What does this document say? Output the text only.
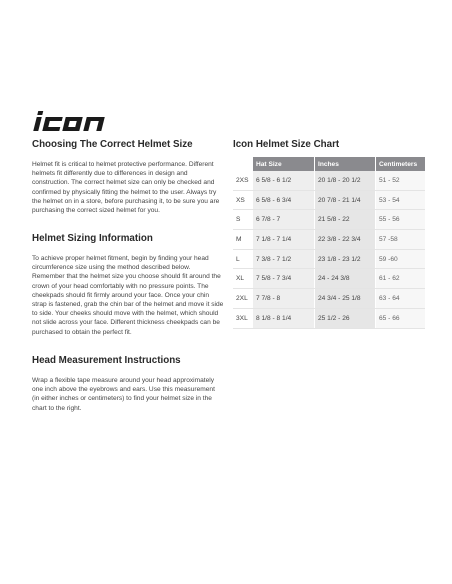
Choosing The Correct Helmet Size

Helmet fit is critical to helmet protective performance. Different helmets fit differently due to differences in design and construction. The correct helmet size can only be checked and confirmed by physically fitting the helmet to the user. Always try the helmet on in a store, before purchasing it, to be sure you are purchasing the correct sized helmet for you.

Helmet Sizing Information

To achieve proper helmet fitment, begin by finding your head circumference size using the method described below. Remember that the helmet size you choose should fit around the crown of your head comfortably with no pressure points. The cheekpads should fit firmly around your face. Once your chin strap is fastened, grab the chin bar of the helmet and move it side to side. Your cheeks should move with the helmet, which should not slide across your face. Different thickness cheekpads can be purchased to obtain the perfect fit.

Head Measurement Instructions

Wrap a flexible tape measure around your head approximately one inch above the eyebrows and ears. Use this measurement (in either inches or centimeters) to find your helmet size in the chart to the right.

Icon Helmet Size Chart
	Hat Size	Inches	Centimeters
2XS	6 5/8 - 6 1/2	20 1/8 - 20 1/2	51 - 52
XS	6 5/8 - 6 3/4	20 7/8 - 21 1/4	53 - 54
S	6 7/8 - 7	21 5/8 - 22	55 - 56
M	7 1/8 - 7 1/4	22 3/8 - 22 3/4	57 -58
L	7 3/8 - 7 1/2	23 1/8 - 23 1/2	59 -60
XL	7 5/8 - 7 3/4	24 - 24 3/8	61 - 62
2XL	7 7/8 - 8	24 3/4 - 25 1/8	63 - 64
3XL	8 1/8 - 8 1/4	25 1/2 - 26	65 - 66
